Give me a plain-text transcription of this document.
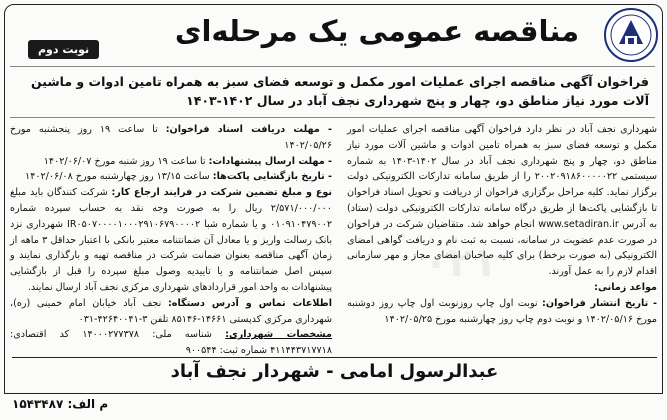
۰۲۱
مناقصه عمومی یک مرحله‌ای
نوبت دوم
فراخوان آگهی مناقصه اجرای عملیات امور مکمل و توسعه فضای سبز به همراه تامین ادوات و ماشین آلات مورد نیاز مناطق دو، چهار و پنج شهرداری نجف آباد در سال ۱۴۰۲-۱۴۰۳

شهرداری نجف آباد در نظر دارد فراخوان آگهی مناقصه اجرای عملیات امور مکمل و توسعه فضای سبز به همراه تامین ادوات و ماشین آلات مورد نیاز مناطق دو، چهار و پنج شهرداری نجف آباد در سال ۱۴۰۲-۱۴۰۳ به شماره سیستمی ۲۰۰۲۰۹۱۸۶۰۰۰۰۰۲۲ را از طریق سامانه تدارکات الکترونیکی دولت برگزار نماید. کلیه مراحل برگزاری فراخوان از دریافت و تحویل اسناد فراخوان تا بازگشایی پاکت‌ها از طریق درگاه سامانه تدارکات الکترونیکی دولت (ستاد) به آدرس www.setadiran.ir انجام خواهد شد. متقاضیان شرکت در فراخوان در صورت عدم عضویت در سامانه، نسبت به ثبت نام و دریافت گواهی امضای الکترونیکی (به صورت برخط) برای کلیه صاحبان امضای مجاز و مهر سازمانی اقدام لازم را به عمل آورند.

مواعد زمانی:

- تاریخ انتشار فراخوان: نوبت اول چاپ روزنوبت اول چاپ روز دوشنبه مورخ ۱۴۰۲/۰۵/۱۶ و نوبت دوم چاپ روز چهارشنبه مورخ ۱۴۰۲/۰۵/۲۵

- مهلت دریافت اسناد فراخوان: تا ساعت ۱۹ روز پنجشنبه مورخ ۱۴۰۲/۰۵/۲۶

- مهلت ارسال پیشنهادات: تا ساعت ۱۹ روز شنبه مورخ ۱۴۰۲/۰۶/۰۷

- تاریخ بازگشایی پاکت‌ها: ساعت ۱۳/۱۵ روز چهارشنبه مورخ ۱۴۰۲/۰۶/۰۸

نوع و مبلغ تضمین شرکت در فرایند ارجاع کار: شرکت کنندگان باید مبلغ ۲/۵۷۱/۰۰۰/۰۰۰ ریال را به صورت وجه نقد به حساب سپرده شماره ۰۱۰۹۱۰۴۷۹۰۰۲ و یا شماره شبا IR۰۵۰۷۰۰۰۰۱۰۰۰۲۹۱۰۶۷۹۰۰۰۰۲ شهرداری نزد بانک رسالت واریز و یا معادل آن ضمانتنامه معتبر بانکی با اعتبار حداقل ۳ ماهه از زمان آگهی مناقصه بعنوان ضمانت شرکت در مناقصه تهیه و بارگذاری نمایند و سپس اصل ضمانتنامه و یا تاییدیه وصول مبلغ سپرده را قبل از بازگشایی پیشنهادات به واحد امور قراردادهای شهرداری مرکزی نجف آباد ارسال نمایند.

اطلاعات تماس و آدرس دستگاه: نجف آباد خیابان امام خمینی (ره)، شهرداری مرکزی کدپستی ۱۴۶۶۱-۸۵۱۴۶ تلفن ۳-۴۲۶۴۰۰۴۱-۰۳۱

مشخصات شهرداری: شناسه ملی: ۱۴۰۰۰۲۷۷۳۷۸ کد اقتصادی: ۴۱۱۴۴۳۷۱۷۷۱۸ شماره ثبت: ۹۰۰۵۴۴

عبدالرسول امامی - شهردار نجف آباد
م الف: ۱۵۴۳۴۸۷
